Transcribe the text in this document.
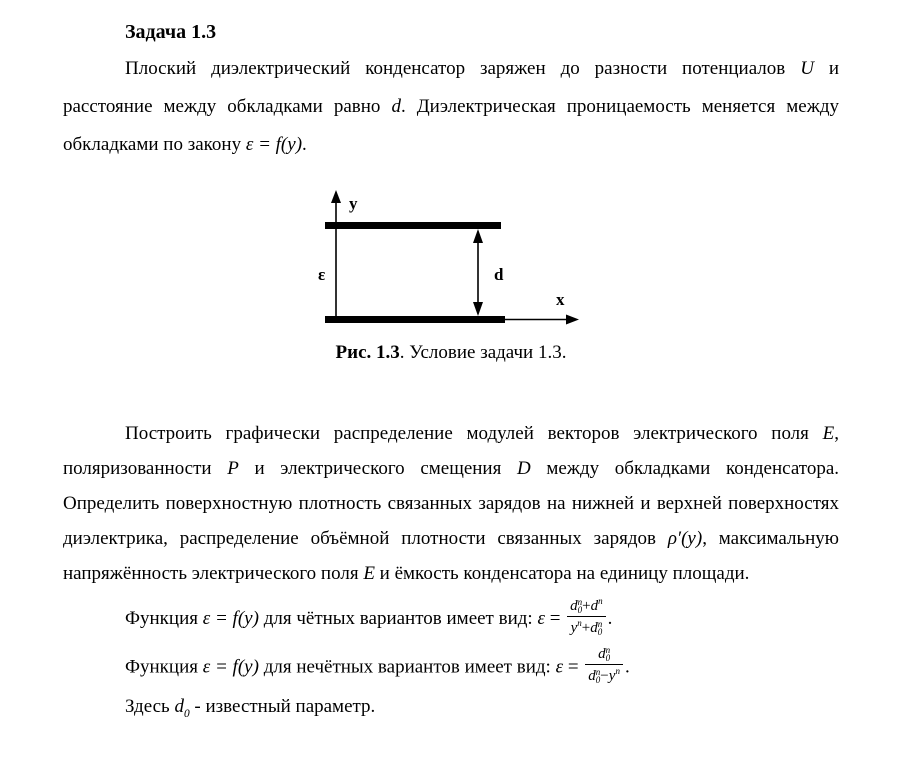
Задача 1.3

Плоский диэлектрический конденсатор заряжен до разности потенциалов U и расстояние между обкладками равно d. Диэлектрическая проницаемость меняется между обкладками по закону ε = f(y).

y
x
ε	d
Рис. 1.3. Условие задачи 1.3.

Построить графически распределение модулей векторов электрического поля E, поляризованности P и электрического смещения D между обкладками конденсатора. Определить поверхностную плотность связанных зарядов на нижней и верхней поверхностях диэлектрика, распределение объёмной плотности связанных зарядов ρ′(y), максимальную напряжённость электрического поля E и ёмкость конденсатора на единицу площади.

Функция ε = f(y) для чётных вариантов имеет вид: ε = d n
$0 +d^n$
$y^n+d$ n
0 .

Функция ε = f(y) для нечётных вариантов имеет вид: ε = d n
0
d n
$0 -y^n$ .

Здесь $d_0$ - известный параметр.
